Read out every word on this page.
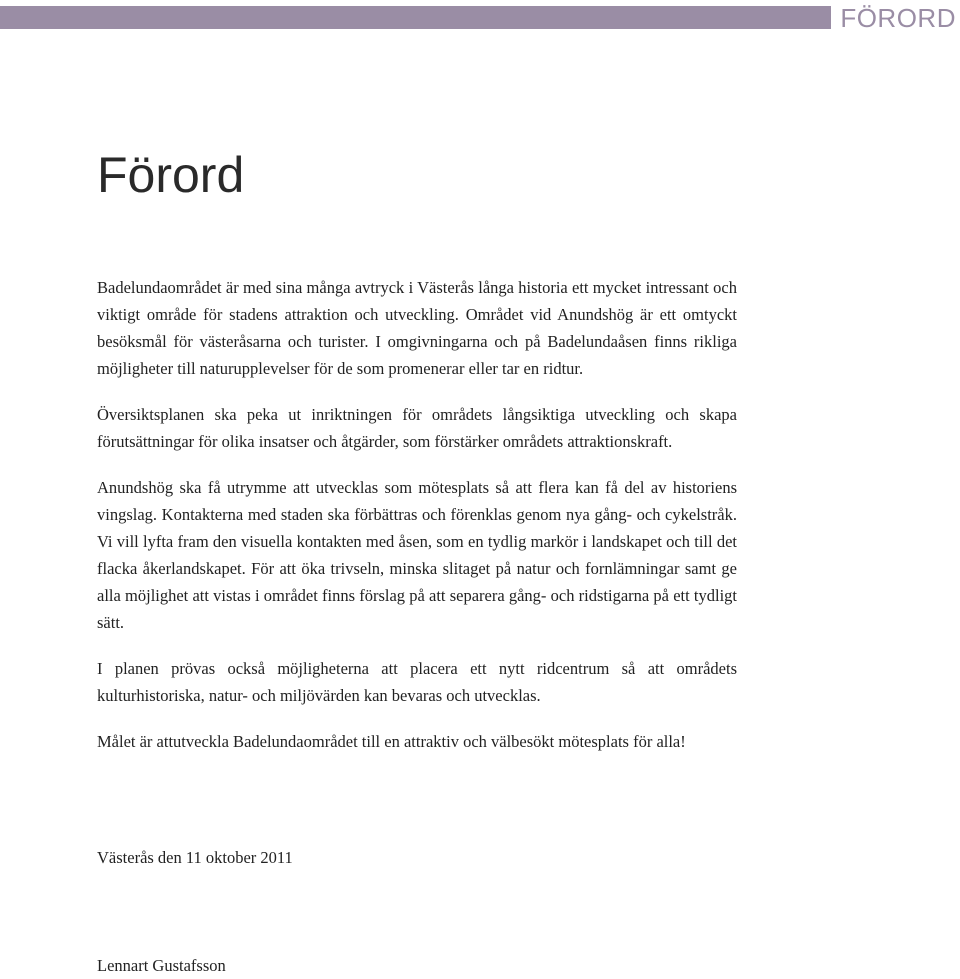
FÖRORD
Förord

Badelundaområdet är med sina många avtryck i Västerås långa historia ett mycket intressant och viktigt område för stadens attraktion och utveckling. Området vid Anundshög är ett omtyckt besöksmål för västeråsarna och turister. I omgivningarna och på Badelundaåsen finns rikliga möjligheter till naturupplevelser för de som promenerar eller tar en ridtur.

Översiktsplanen ska peka ut inriktningen för områdets långsiktiga utveckling och skapa förutsättningar för olika insatser och åtgärder, som förstärker områdets attraktionskraft.

Anundshög ska få utrymme att utvecklas som mötesplats så att flera kan få del av historiens vingslag. Kontakterna med staden ska förbättras och förenklas genom nya gång- och cykelstråk. Vi vill lyfta fram den visuella kontakten med åsen, som en tydlig markör i landskapet och till det flacka åkerlandskapet. För att öka trivseln, minska slitaget på natur och fornlämningar samt ge alla möjlighet att vistas i området finns förslag på att separera gång- och ridstigarna på ett tydligt sätt.

I planen prövas också möjligheterna att placera ett nytt ridcentrum så att områdets kulturhistoriska, natur- och miljövärden kan bevaras och utvecklas.

Målet är attutveckla Badelundaområdet till en attraktiv och välbesökt mötesplats för alla!

Västerås den 11 oktober 2011
Lennart Gustafsson
